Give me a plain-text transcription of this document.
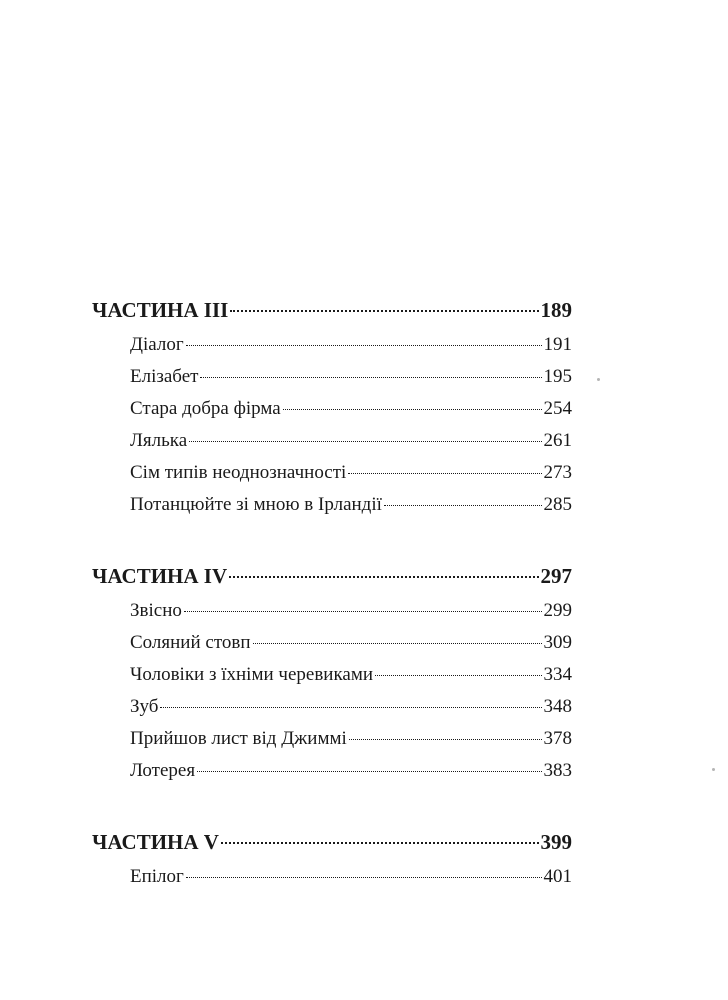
ЧАСТИНА III	189
Діалог	191
Елізабет	195
Стара добра фірма	254
Лялька	261
Сім типів неоднозначності	273
Потанцюйте зі мною в Ірландії	285
ЧАСТИНА IV	297
Звісно	299
Соляний стовп	309
Чоловіки з їхніми черевиками	334
Зуб	348
Прийшов лист від Джиммі	378
Лотерея	383
ЧАСТИНА V	399
Епілог	401
